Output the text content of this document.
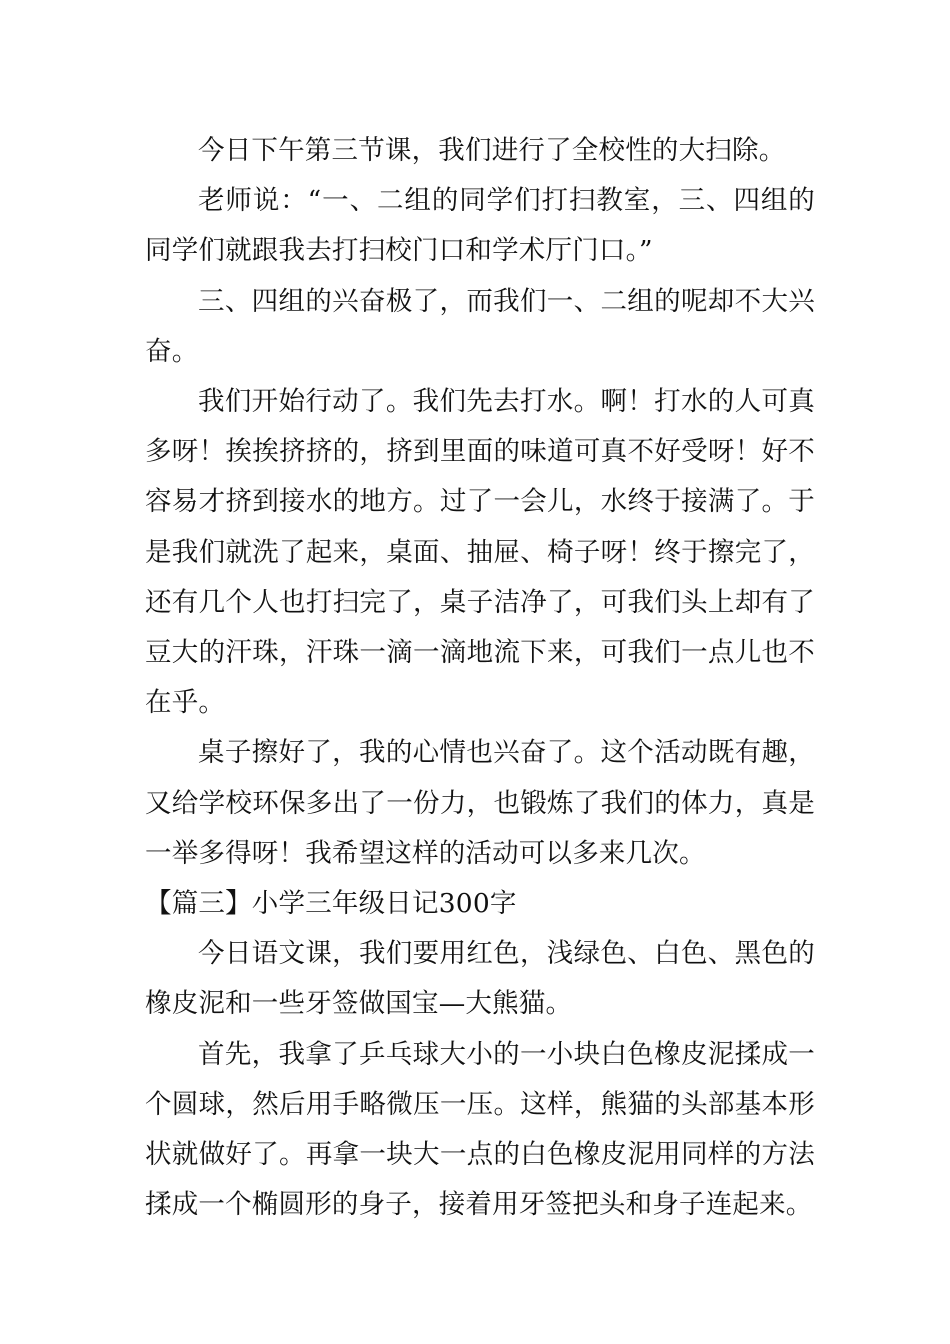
今日下午第三节课，我们进行了全校性的大扫除。

老师说：“一、二组的同学们打扫教室，三、四组的同学们就跟我去打扫校门口和学术厅门口。”

三、四组的兴奋极了，而我们一、二组的呢却不大兴奋。

我们开始行动了。我们先去打水。啊！打水的人可真多呀！挨挨挤挤的，挤到里面的味道可真不好受呀！好不容易才挤到接水的地方。过了一会儿，水终于接满了。于是我们就洗了起来，桌面、抽屉、椅子呀！终于擦完了，还有几个人也打扫完了，桌子洁净了，可我们头上却有了豆大的汗珠，汗珠一滴一滴地流下来，可我们一点儿也不在乎。

桌子擦好了，我的心情也兴奋了。这个活动既有趣，又给学校环保多出了一份力，也锻炼了我们的体力，真是一举多得呀！我希望这样的活动可以多来几次。

【篇三】小学三年级日记300字

今日语文课，我们要用红色，浅绿色、白色、黑色的橡皮泥和一些牙签做国宝—大熊猫。

首先，我拿了乒乓球大小的一小块白色橡皮泥揉成一个圆球，然后用手略微压一压。这样，熊猫的头部基本形状就做好了。再拿一块大一点的白色橡皮泥用同样的方法揉成一个椭圆形的身子，接着用牙签把头和身子连起来。
